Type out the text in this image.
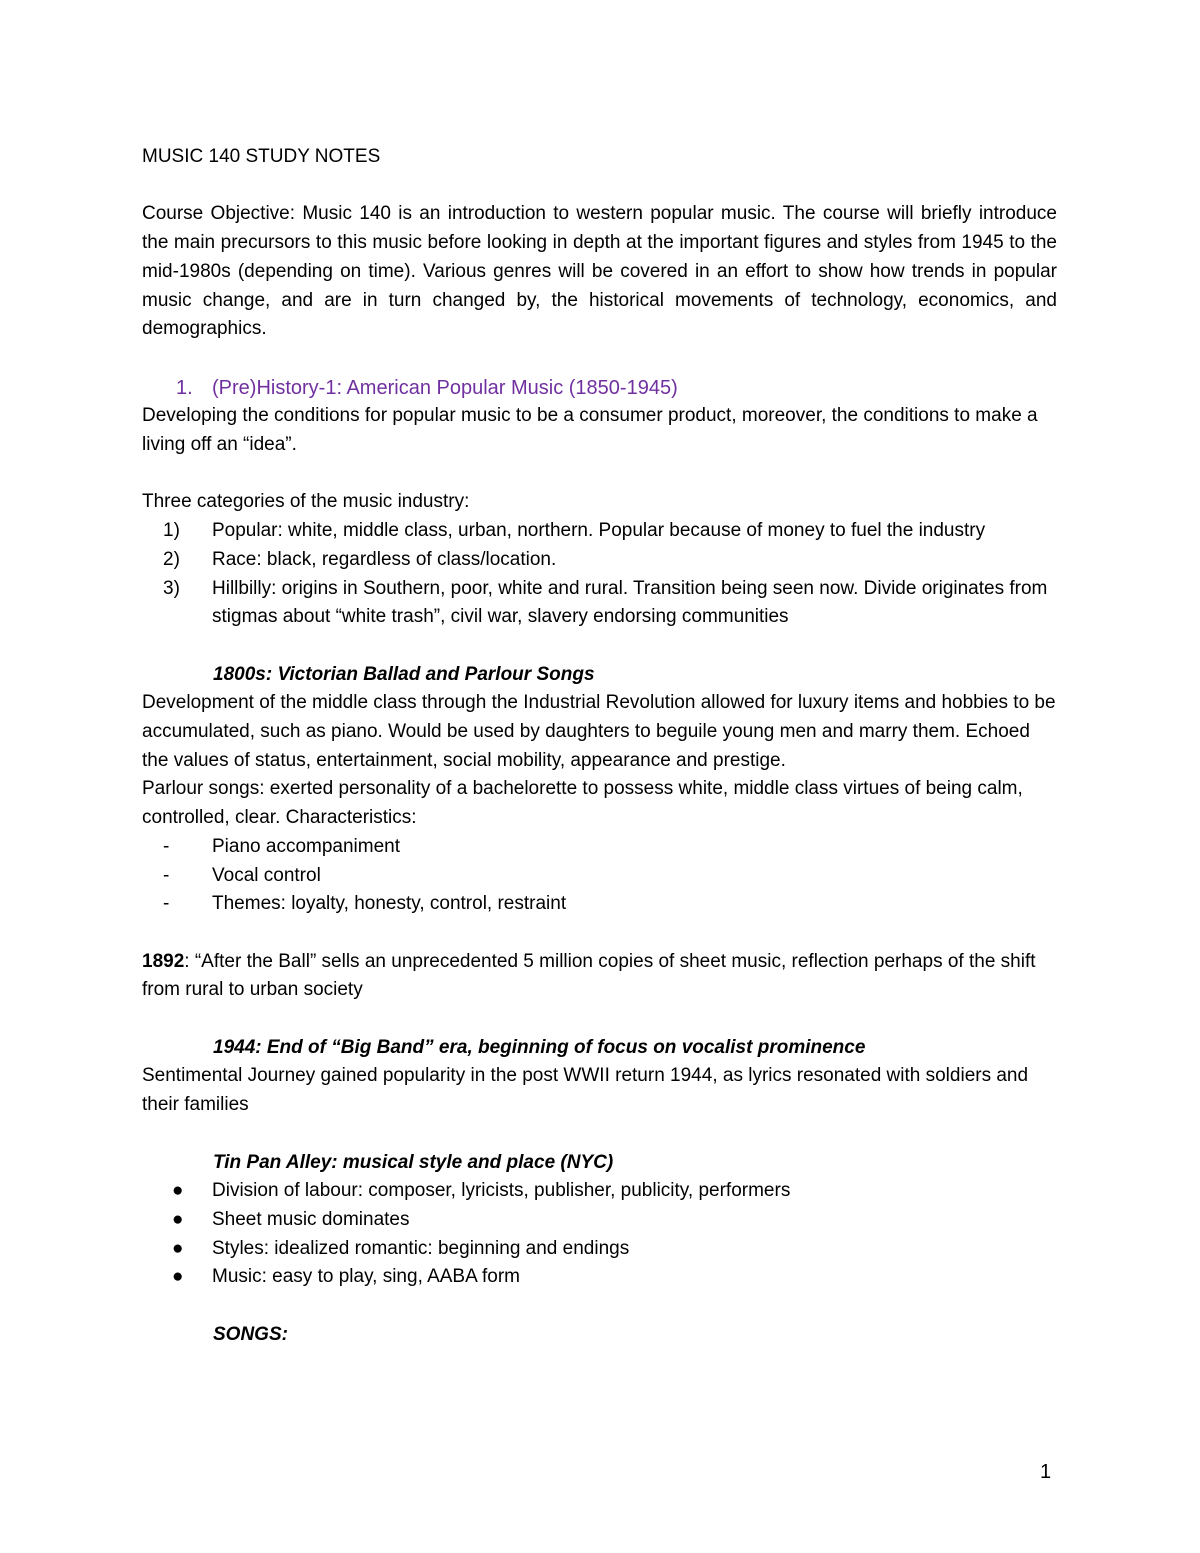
MUSIC 140 STUDY NOTES

Course Objective: Music 140 is an introduction to western popular music. The course will briefly introduce the main precursors to this music before looking in depth at the important figures and styles from 1945 to the mid-1980s (depending on time). Various genres will be covered in an effort to show how trends in popular music change, and are in turn changed by, the historical movements of technology, economics, and demographics.

1. (Pre)History-1: American Popular Music (1850-1945)

Developing the conditions for popular music to be a consumer product, moreover, the conditions to make a living off an “idea”.

Three categories of the music industry:

1)	Popular: white, middle class, urban, northern. Popular because of money to fuel the industry
2)	Race: black, regardless of class/location.
3)	Hillbilly: origins in Southern, poor, white and rural. Transition being seen now. Divide originates from stigmas about “white trash”, civil war, slavery endorsing communities

1800s: Victorian Ballad and Parlour Songs

Development of the middle class through the Industrial Revolution allowed for luxury items and hobbies to be accumulated, such as piano. Would be used by daughters to beguile young men and marry them. Echoed the values of status, entertainment, social mobility, appearance and prestige.

Parlour songs: exerted personality of a bachelorette to possess white, middle class virtues of being calm, controlled, clear. Characteristics:

-	Piano accompaniment
-	Vocal control
-	Themes: loyalty, honesty, control, restraint

1892: “After the Ball” sells an unprecedented 5 million copies of sheet music, reflection perhaps of the shift from rural to urban society

1944: End of “Big Band” era, beginning of focus on vocalist prominence

Sentimental Journey gained popularity in the post WWII return 1944, as lyrics resonated with soldiers and their families

Tin Pan Alley: musical style and place (NYC)

●	Division of labour: composer, lyricists, publisher, publicity, performers
●	Sheet music dominates
●	Styles: idealized romantic: beginning and endings
●	Music: easy to play, sing, AABA form

SONGS:

1
